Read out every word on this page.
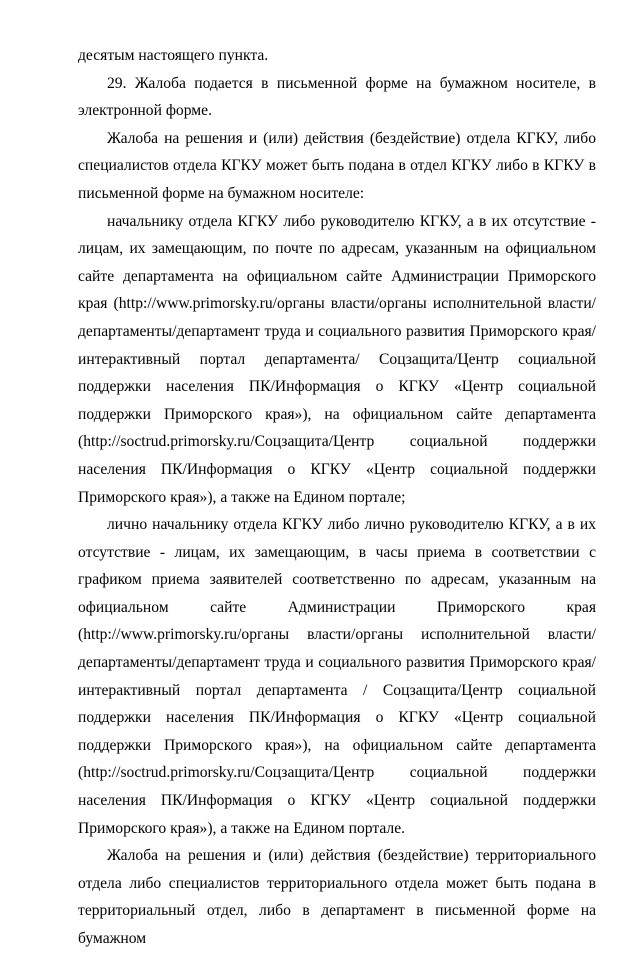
десятым настоящего пункта.

29. Жалоба подается в письменной форме на бумажном носителе, в электронной форме.

Жалоба на решения и (или) действия (бездействие) отдела КГКУ, либо специалистов отдела КГКУ может быть подана в отдел КГКУ либо в КГКУ в письменной форме на бумажном носителе:

начальнику отдела КГКУ либо руководителю КГКУ, а в их отсутствие - лицам, их замещающим, по почте по адресам, указанным на официальном сайте департамента на официальном сайте Администрации Приморского края (http://www.primorsky.ru/органы власти/органы исполнительной власти/департаменты/департамент труда и социального развития Приморского края/интерактивный портал департамента/ Соцзащита/Центр социальной поддержки населения ПК/Информация о КГКУ «Центр социальной поддержки Приморского края»), на официальном сайте департамента (http://soctrud.primorsky.ru/Соцзащита/Центр социальной поддержки населения ПК/Информация о КГКУ «Центр социальной поддержки Приморского края»), а также на Едином портале;

лично начальнику отдела КГКУ либо лично руководителю КГКУ, а в их отсутствие - лицам, их замещающим, в часы приема в соответствии с графиком приема заявителей соответственно по адресам, указанным на официальном сайте Администрации Приморского края (http://www.primorsky.ru/органы власти/органы исполнительной власти/департаменты/департамент труда и социального развития Приморского края/интерактивный портал департамента / Соцзащита/Центр социальной поддержки населения ПК/Информация о КГКУ «Центр социальной поддержки Приморского края»), на официальном сайте департамента (http://soctrud.primorsky.ru/Соцзащита/Центр социальной поддержки населения ПК/Информация о КГКУ «Центр социальной поддержки Приморского края»), а также на Едином портале.

Жалоба на решения и (или) действия (бездействие) территориального отдела либо специалистов территориального отдела может быть подана в территориальный отдел, либо в департамент в письменной форме на бумажном
